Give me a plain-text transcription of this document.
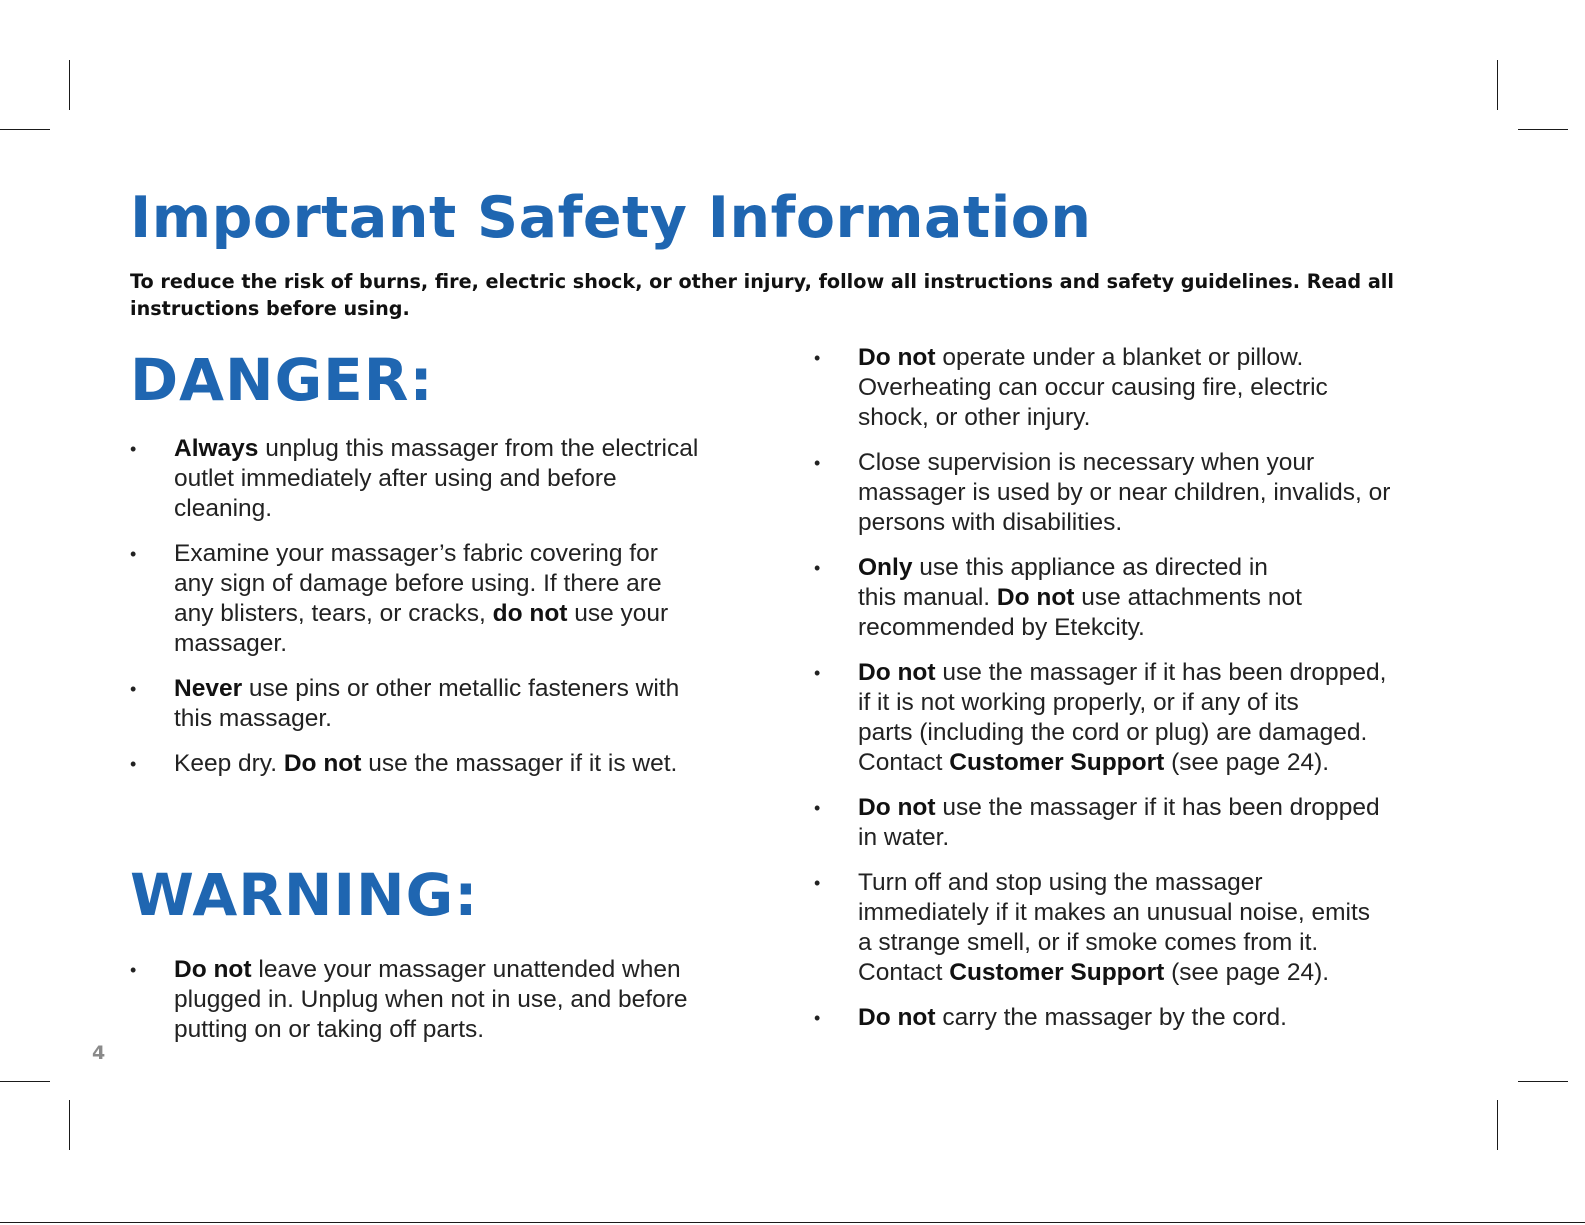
Important Safety Information

To reduce the risk of burns, fire, electric shock, or other injury, follow all instructions and safety guidelines. Read all instructions before using.

DANGER:
• Always unplug this massager from the electrical
outlet immediately after using and before
cleaning.
• Examine your massager’s fabric covering for
any sign of damage before using. If there are
any blisters, tears, or cracks, do not use your
massager.
• Never use pins or other metallic fasteners with
this massager.
• Keep dry. Do not use the massager if it is wet.
WARNING:
• Do not leave your massager unattended when
plugged in. Unplug when not in use, and before
putting on or taking off parts.
• Do not operate under a blanket or pillow.
Overheating can occur causing fire, electric
shock, or other injury.
• Close supervision is necessary when your
massager is used by or near children, invalids, or
persons with disabilities.
• Only use this appliance as directed in
this manual. Do not use attachments not
recommended by Etekcity.
• Do not use the massager if it has been dropped,
if it is not working properly, or if any of its
parts (including the cord or plug) are damaged.
Contact Customer Support (see page 24).
• Do not use the massager if it has been dropped
in water.
• Turn off and stop using the massager
immediately if it makes an unusual noise, emits
a strange smell, or if smoke comes from it.
Contact Customer Support (see page 24).
• Do not carry the massager by the cord.
4
